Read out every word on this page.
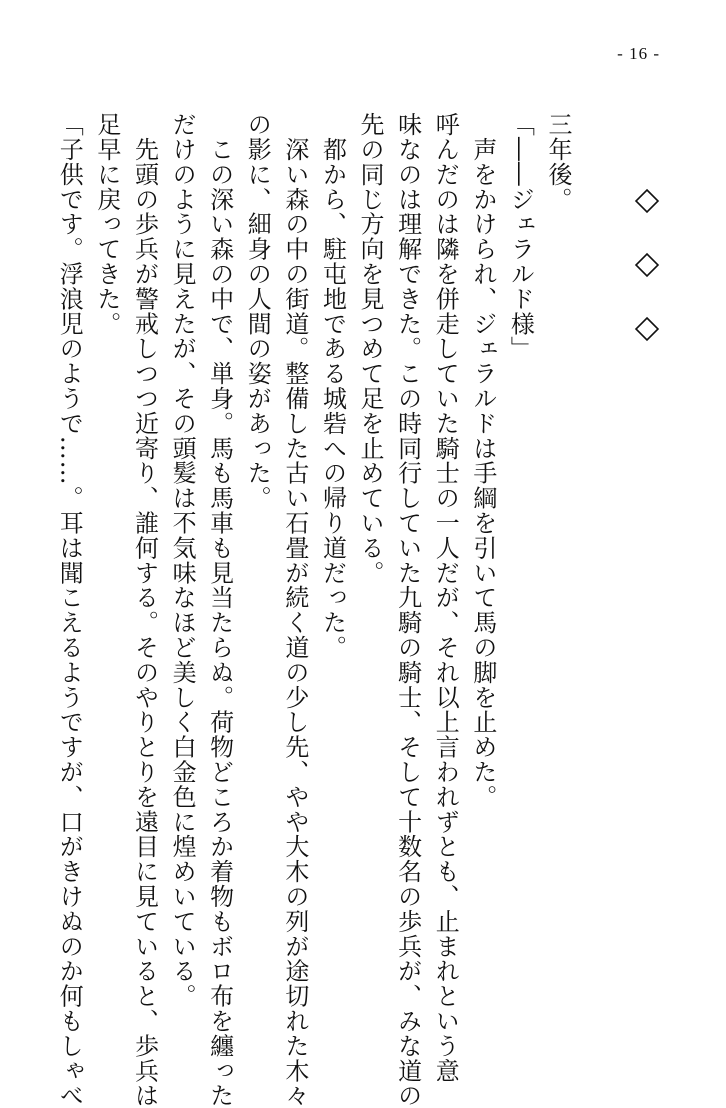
- 16 -

三年後。

「――ジェラルド様」

　声をかけられ、ジェラルドは手綱を引いて馬の脚を止めた。

呼んだのは隣を併走していた騎士の一人だが、それ以上言われずとも、止まれという意

味なのは理解できた。この時同行していた九騎の騎士、そして十数名の歩兵が、みな道の

先の同じ方向を見つめて足を止めている。

　都から、駐屯地である城砦への帰り道だった。

　深い森の中の街道。整備した古い石畳が続く道の少し先、やや大木の列が途切れた木々

の影に、細身の人間の姿があった。

　この深い森の中で、単身。馬も馬車も見当たらぬ。荷物どころか着物もボロ布を纏った

だけのように見えたが、その頭髪は不気味なほど美しく白金色に煌めいている。

　先頭の歩兵が警戒しつつ近寄り、誰何する。そのやりとりを遠目に見ていると、歩兵は

足早に戻ってきた。

「子供です。浮浪児のようで……。耳は聞こえるようですが、口がきけぬのか何もしゃべ
